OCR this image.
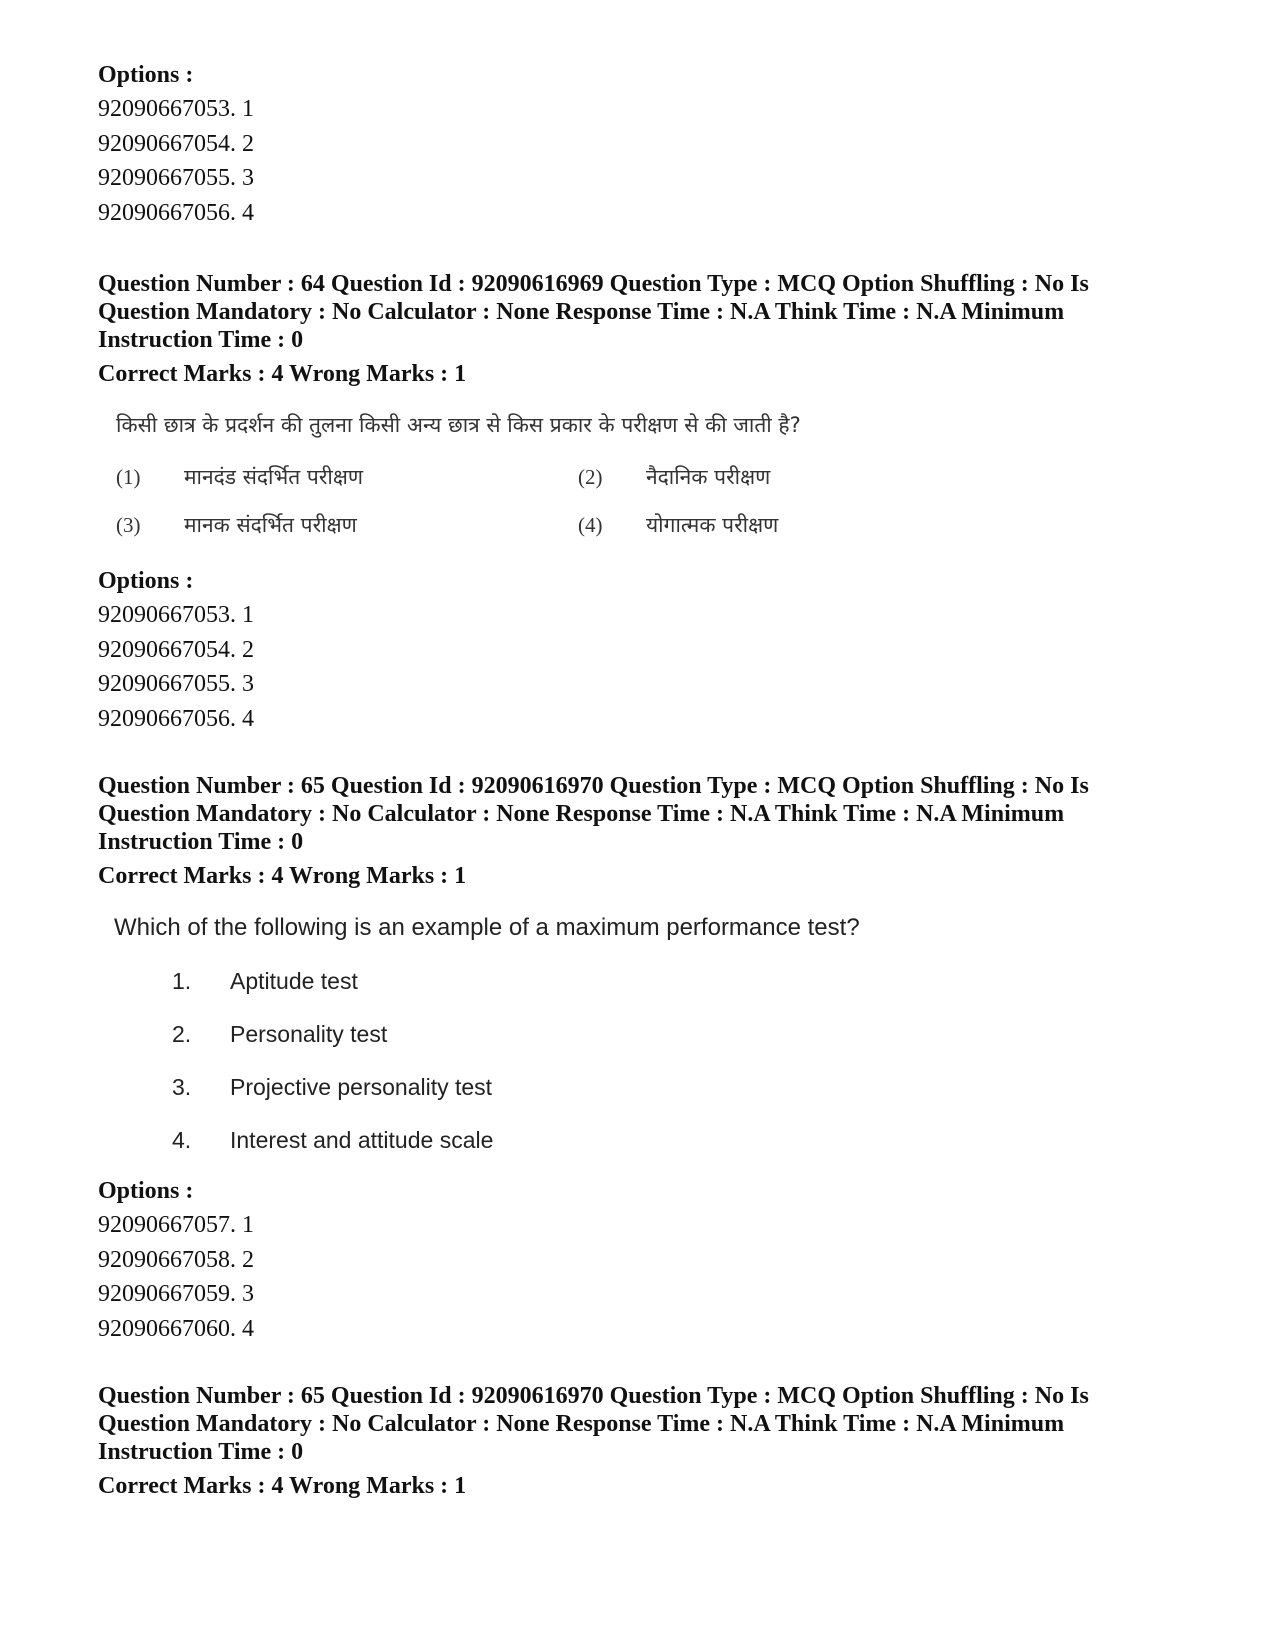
Options :

92090667053. 1

92090667054. 2

92090667055. 3

92090667056. 4

Question Number : 64 Question Id : 92090616969 Question Type : MCQ Option Shuffling : No Is

Question Mandatory : No Calculator : None Response Time : N.A Think Time : N.A Minimum

Instruction Time : 0

Correct Marks : 4 Wrong Marks : 1

किसी छात्र के प्रदर्शन की तुलना किसी अन्य छात्र से किस प्रकार के परीक्षण से की जाती है?
(1) मानदंड संदर्भित परीक्षण	(2) नैदानिक परीक्षण
(3) मानक संदर्भित परीक्षण	(4) योगात्मक परीक्षण

Options :

92090667053. 1

92090667054. 2

92090667055. 3

92090667056. 4

Question Number : 65 Question Id : 92090616970 Question Type : MCQ Option Shuffling : No Is

Question Mandatory : No Calculator : None Response Time : N.A Think Time : N.A Minimum

Instruction Time : 0

Correct Marks : 4 Wrong Marks : 1

Which of the following is an example of a maximum performance test?
1. Aptitude test
2. Personality test
3. Projective personality test
4. Interest and attitude scale

Options :

92090667057. 1

92090667058. 2

92090667059. 3

92090667060. 4

Question Number : 65 Question Id : 92090616970 Question Type : MCQ Option Shuffling : No Is

Question Mandatory : No Calculator : None Response Time : N.A Think Time : N.A Minimum

Instruction Time : 0

Correct Marks : 4 Wrong Marks : 1
